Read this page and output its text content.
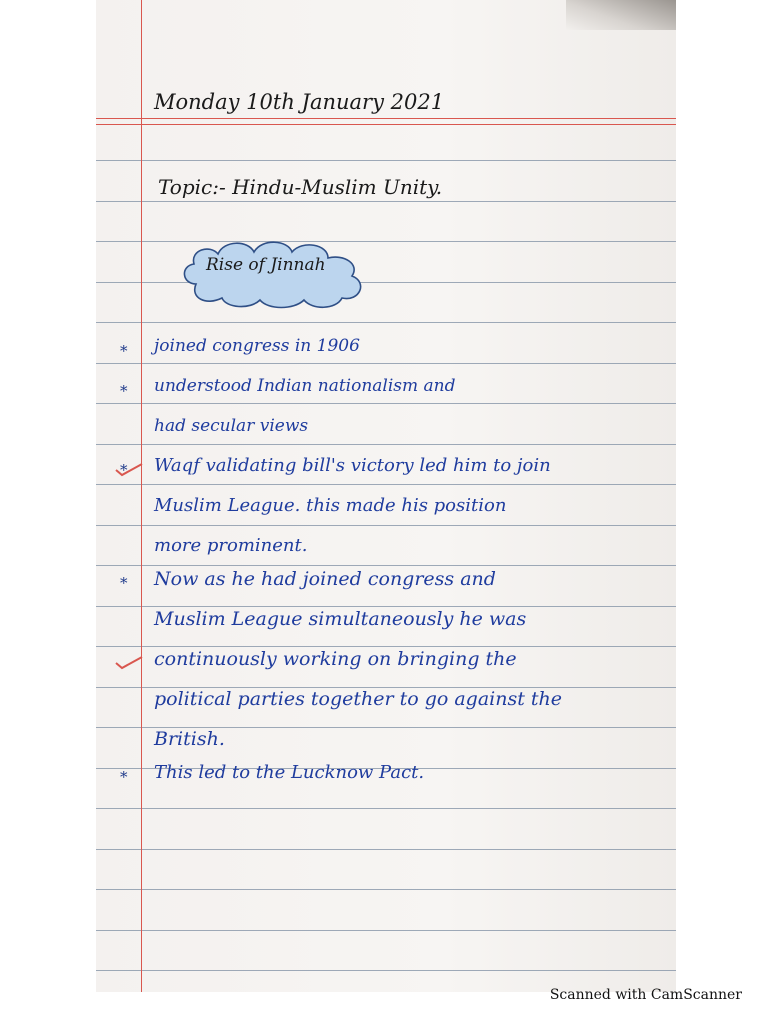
Monday 10th January 2021
Topic:- Hindu-Muslim Unity.
Rise of Jinnah
* joined congress in 1906
* understood Indian nationalism and
had secular views
* Waqf validating bill's victory led him to join
Muslim League. this made his position
more prominent.
* Now as he had joined congress and
Muslim League simultaneously he was
continuously working on bringing the
political parties together to go against the
British.
* This led to the Lucknow Pact.
Scanned with CamScanner
